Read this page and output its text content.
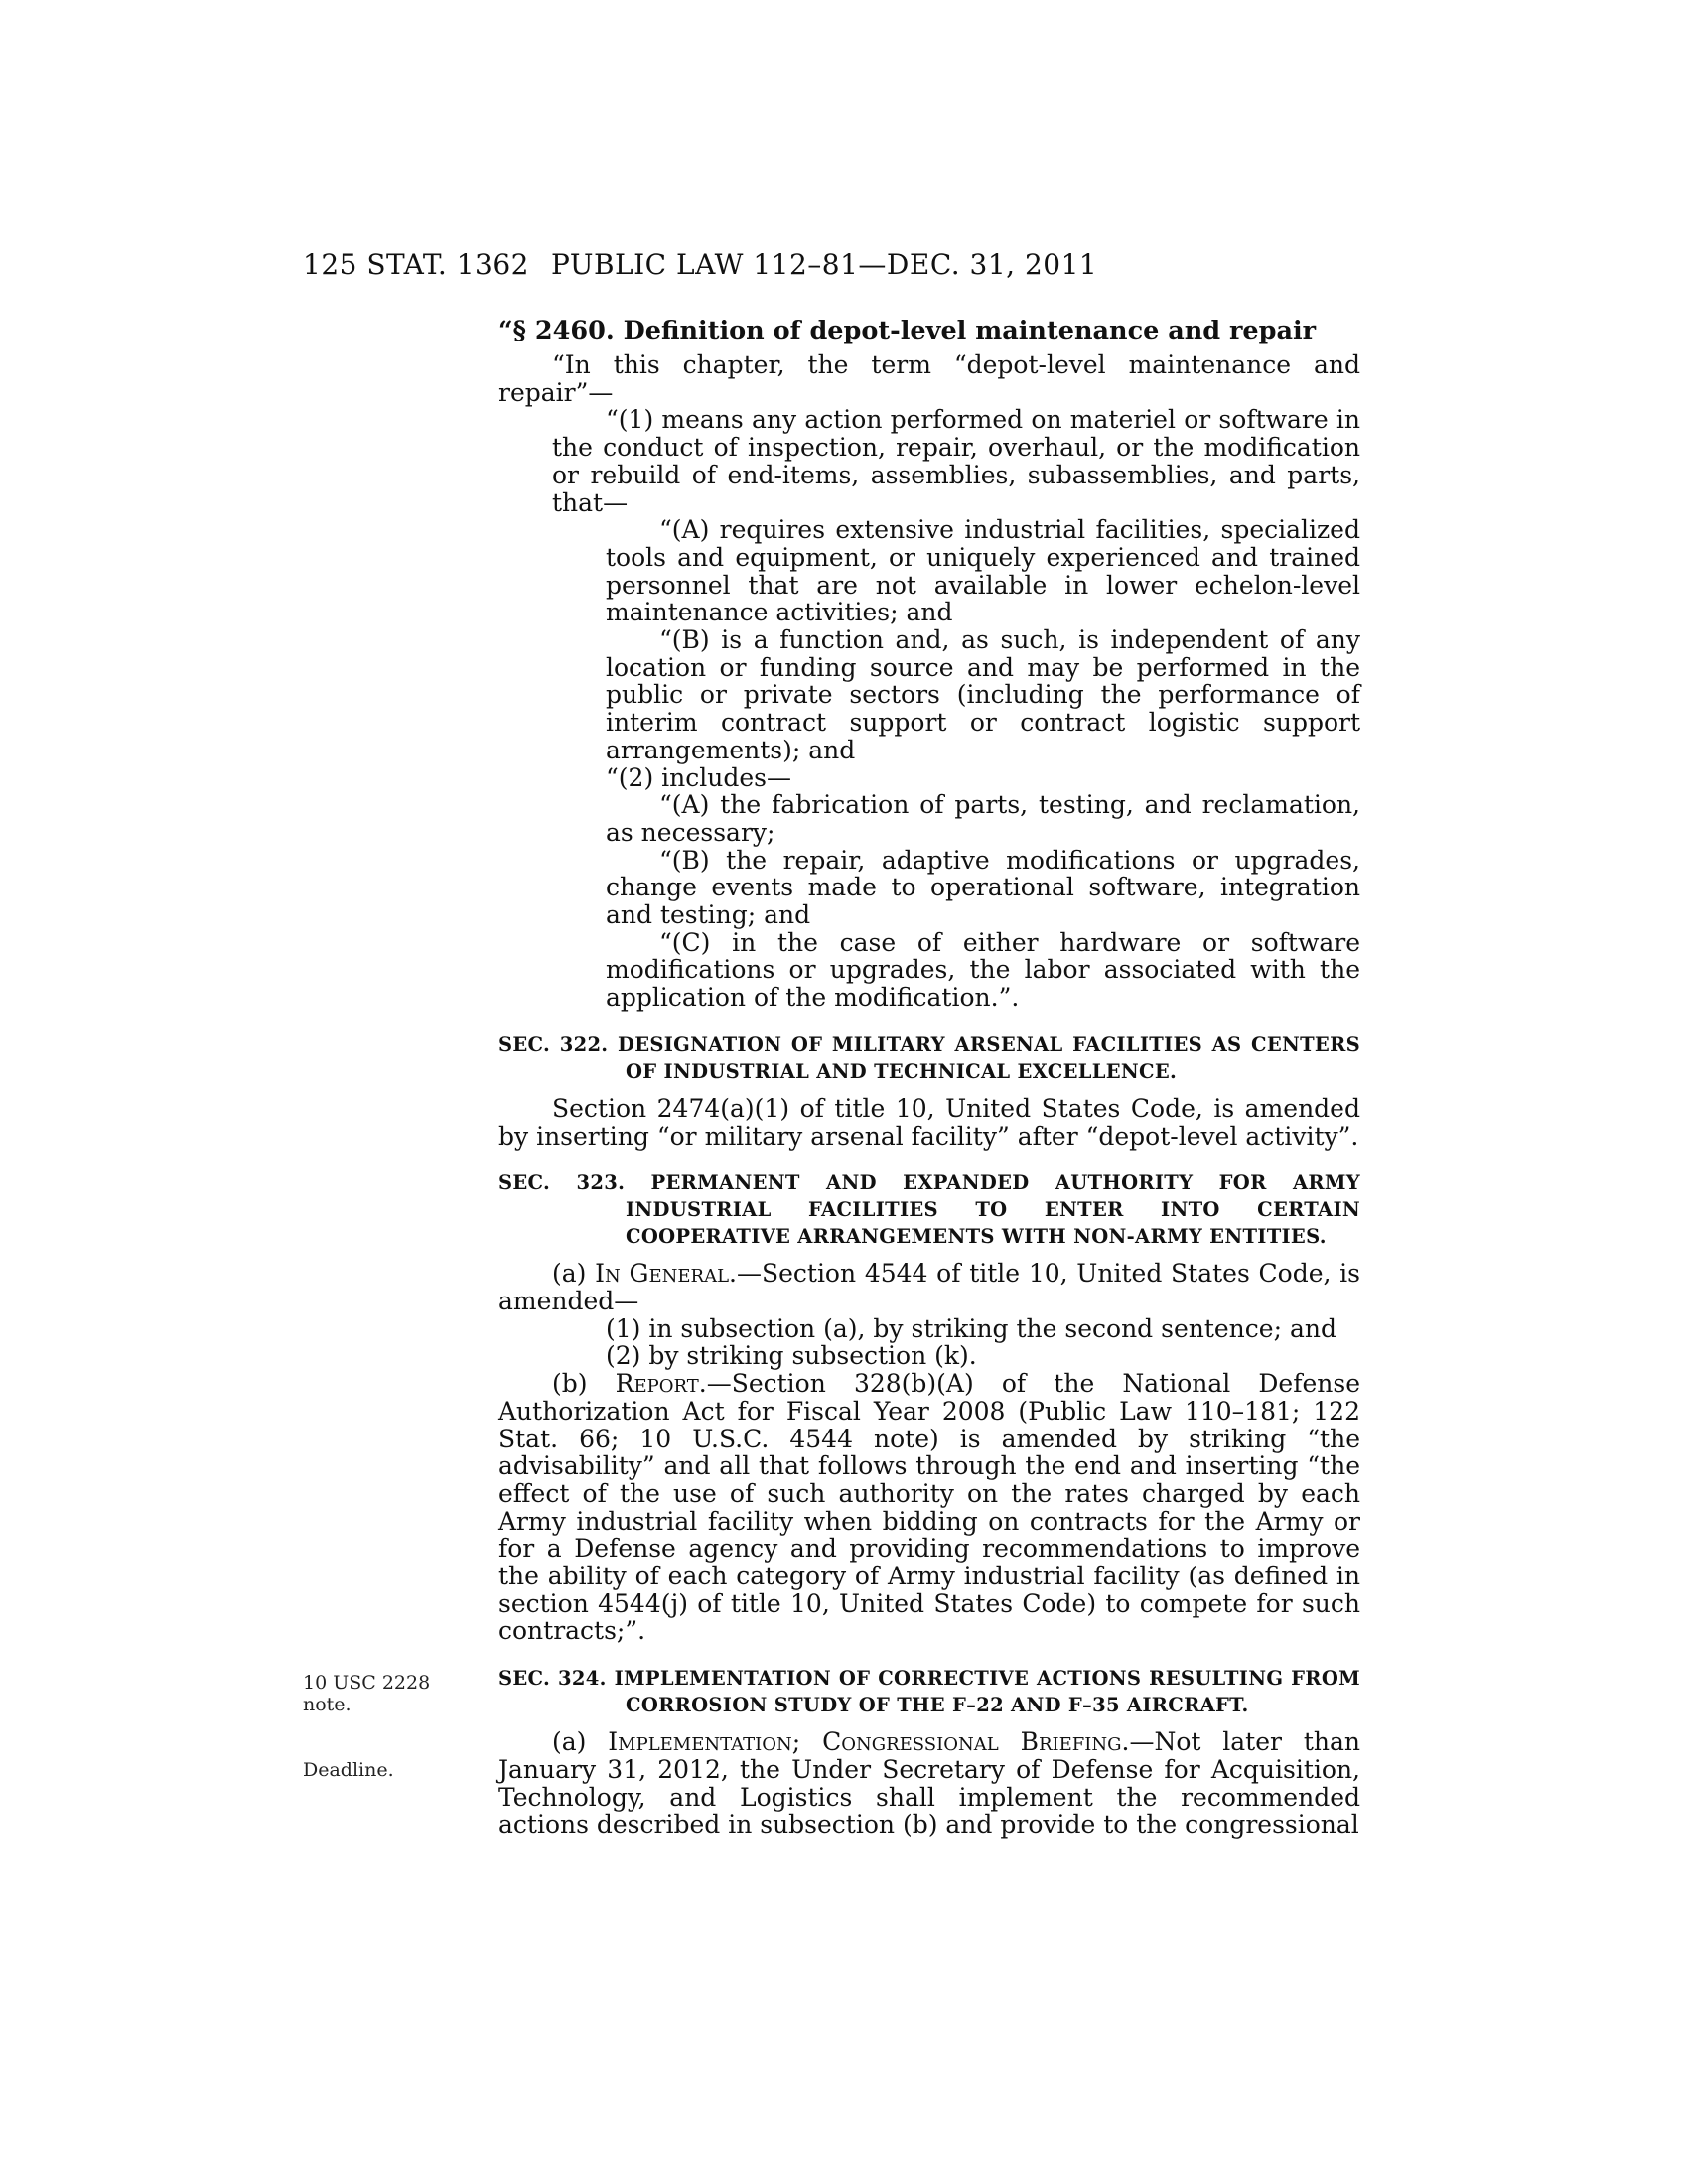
125 STAT. 1362 PUBLIC LAW 112–81—DEC. 31, 2011
10 USC 2228 note.
Deadline.
“§ 2460. Definition of depot-level maintenance and repair

“In this chapter, the term “depot-level maintenance and repair”—

“(1) means any action performed on materiel or software in the conduct of inspection, repair, overhaul, or the modification or rebuild of end-items, assemblies, subassemblies, and parts, that—

“(A) requires extensive industrial facilities, specialized tools and equipment, or uniquely experienced and trained personnel that are not available in lower echelon-level maintenance activities; and

“(B) is a function and, as such, is independent of any location or funding source and may be performed in the public or private sectors (including the performance of interim contract support or contract logistic support arrangements); and

“(2) includes—

“(A) the fabrication of parts, testing, and reclamation, as necessary;

“(B) the repair, adaptive modifications or upgrades, change events made to operational software, integration and testing; and

“(C) in the case of either hardware or software modifications or upgrades, the labor associated with the application of the modification.”.

SEC. 322. DESIGNATION OF MILITARY ARSENAL FACILITIES AS CENTERS OF INDUSTRIAL AND TECHNICAL EXCELLENCE.

Section 2474(a)(1) of title 10, United States Code, is amended by inserting “or military arsenal facility” after “depot-level activity”.

SEC. 323. PERMANENT AND EXPANDED AUTHORITY FOR ARMY INDUSTRIAL FACILITIES TO ENTER INTO CERTAIN COOPERATIVE ARRANGEMENTS WITH NON-ARMY ENTITIES.

(a) In General.—Section 4544 of title 10, United States Code, is amended—

(1) in subsection (a), by striking the second sentence; and

(2) by striking subsection (k).

(b) Report.—Section 328(b)(A) of the National Defense Authorization Act for Fiscal Year 2008 (Public Law 110–181; 122 Stat. 66; 10 U.S.C. 4544 note) is amended by striking “the advisability” and all that follows through the end and inserting “the effect of the use of such authority on the rates charged by each Army industrial facility when bidding on contracts for the Army or for a Defense agency and providing recommendations to improve the ability of each category of Army industrial facility (as defined in section 4544(j) of title 10, United States Code) to compete for such contracts;”.

SEC. 324. IMPLEMENTATION OF CORRECTIVE ACTIONS RESULTING FROM CORROSION STUDY OF THE F–22 AND F–35 AIRCRAFT.

(a) Implementation; Congressional Briefing.—Not later than January 31, 2012, the Under Secretary of Defense for Acquisition, Technology, and Logistics shall implement the recommended actions described in subsection (b) and provide to the congressional
